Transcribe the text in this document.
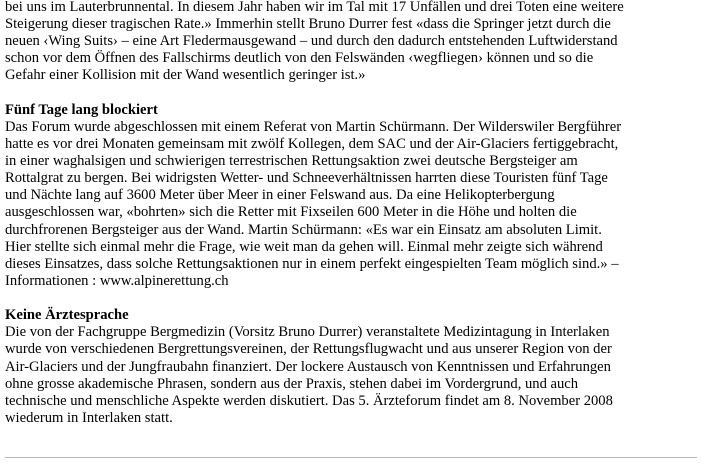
bei uns im Lauterbrunnental. In diesem Jahr haben wir im Tal mit 17 Unfällen und drei Toten eine weitere
Steigerung dieser tragischen Rate.» Immerhin stellt Bruno Durrer fest «dass die Springer jetzt durch die
neuen ‹Wing Suits› – eine Art Fledermausgewand – und durch den dadurch entstehenden Luftwiderstand
schon vor dem Öffnen des Fallschirms deutlich von den Felswänden ‹wegfliegen› können und so die
Gefahr einer Kollision mit der Wand wesentlich geringer ist.»
Fünf Tage lang blockiert
Das Forum wurde abgeschlossen mit einem Referat von Martin Schürmann. Der Wilderswiler Bergführer
hatte es vor drei Monaten gemeinsam mit zwölf Kollegen, dem SAC und der Air-Glaciers fertiggebracht,
in einer waghalsigen und schwierigen terrestrischen Rettungsaktion zwei deutsche Bergsteiger am
Rottalgrat zu bergen. Bei widrigsten Wetter- und Schneeverhältnissen harrten diese Touristen fünf Tage
und Nächte lang auf 3600 Meter über Meer in einer Felswand aus. Da eine Helikopterbergung
ausgeschlossen war, «bohrten» sich die Retter mit Fixseilen 600 Meter in die Höhe und holten die
durchfrorenen Bergsteiger aus der Wand. Martin Schürmann: «Es war ein Einsatz am absoluten Limit.
Hier stellte sich einmal mehr die Frage, wie weit man da gehen will. Einmal mehr zeigte sich während
dieses Einsatzes, dass solche Rettungsaktionen nur in einem perfekt eingespielten Team möglich sind.» –
Informationen : www.alpinerettung.ch
Keine Ärztesprache
Die von der Fachgruppe Bergmedizin (Vorsitz Bruno Durrer) veranstaltete Medizintagung in Interlaken
wurde von verschiedenen Bergrettungsvereinen, der Rettungsflugwacht und aus unserer Region von der
Air-Glaciers und der Jungfraubahn finanziert. Der lockere Austausch von Kenntnissen und Erfahrungen
ohne grosse akademische Phrasen, sondern aus der Praxis, stehen dabei im Vordergrund, und auch
technische und menschliche Aspekte werden diskutiert. Das 5. Ärzteforum findet am 8. November 2008
wiederum in Interlaken statt.
